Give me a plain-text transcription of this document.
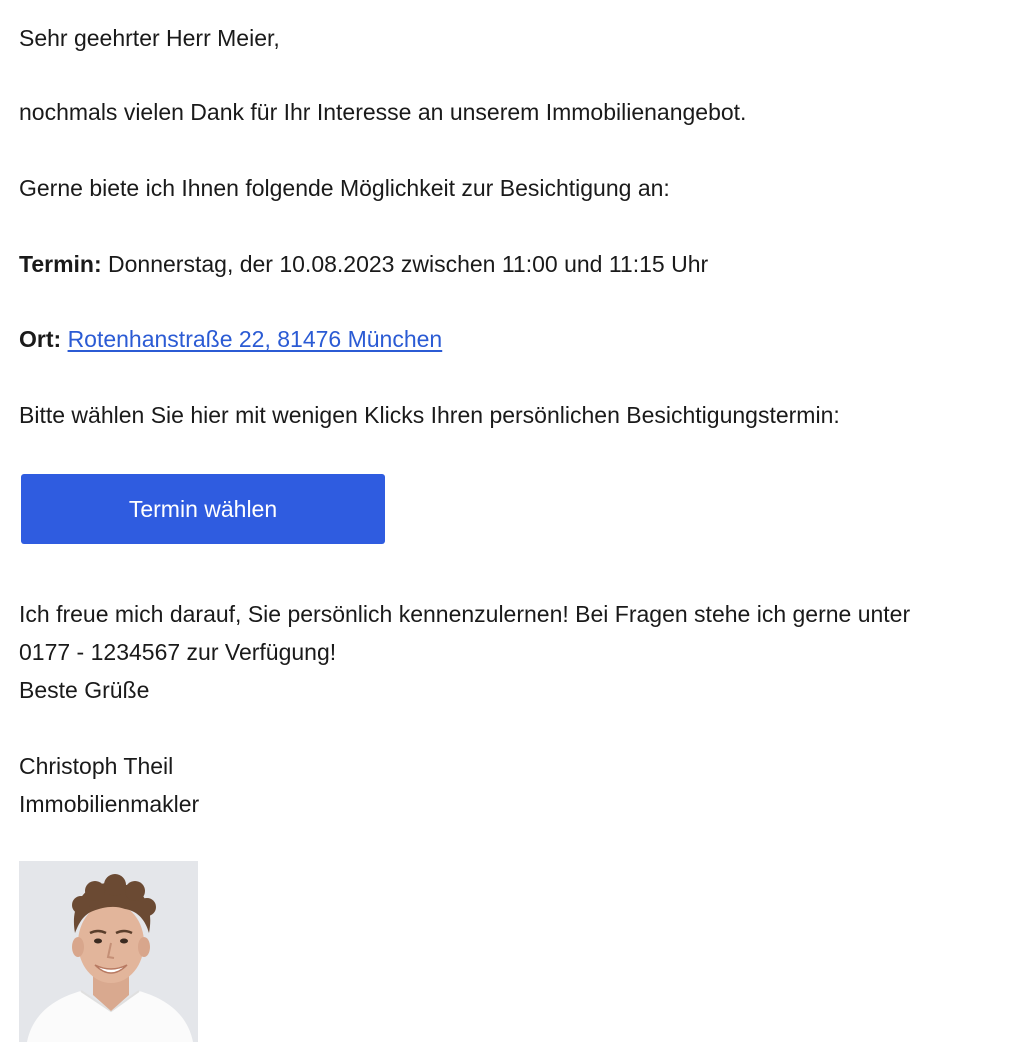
Sehr geehrter Herr Meier,

nochmals vielen Dank für Ihr Interesse an unserem Immobilienangebot.

Gerne biete ich Ihnen folgende Möglichkeit zur Besichtigung an:

Termin: Donnerstag, der 10.08.2023 zwischen 11:00 und 11:15 Uhr

Ort: Rotenhanstraße 22, 81476 München

Bitte wählen Sie hier mit wenigen Klicks Ihren persönlichen Besichtigungstermin:

Termin wählen

Ich freue mich darauf, Sie persönlich kennenzulernen! Bei Fragen stehe ich gerne unter

0177 - 1234567 zur Verfügung!

Beste Grüße

Christoph Theil

Immobilienmakler
